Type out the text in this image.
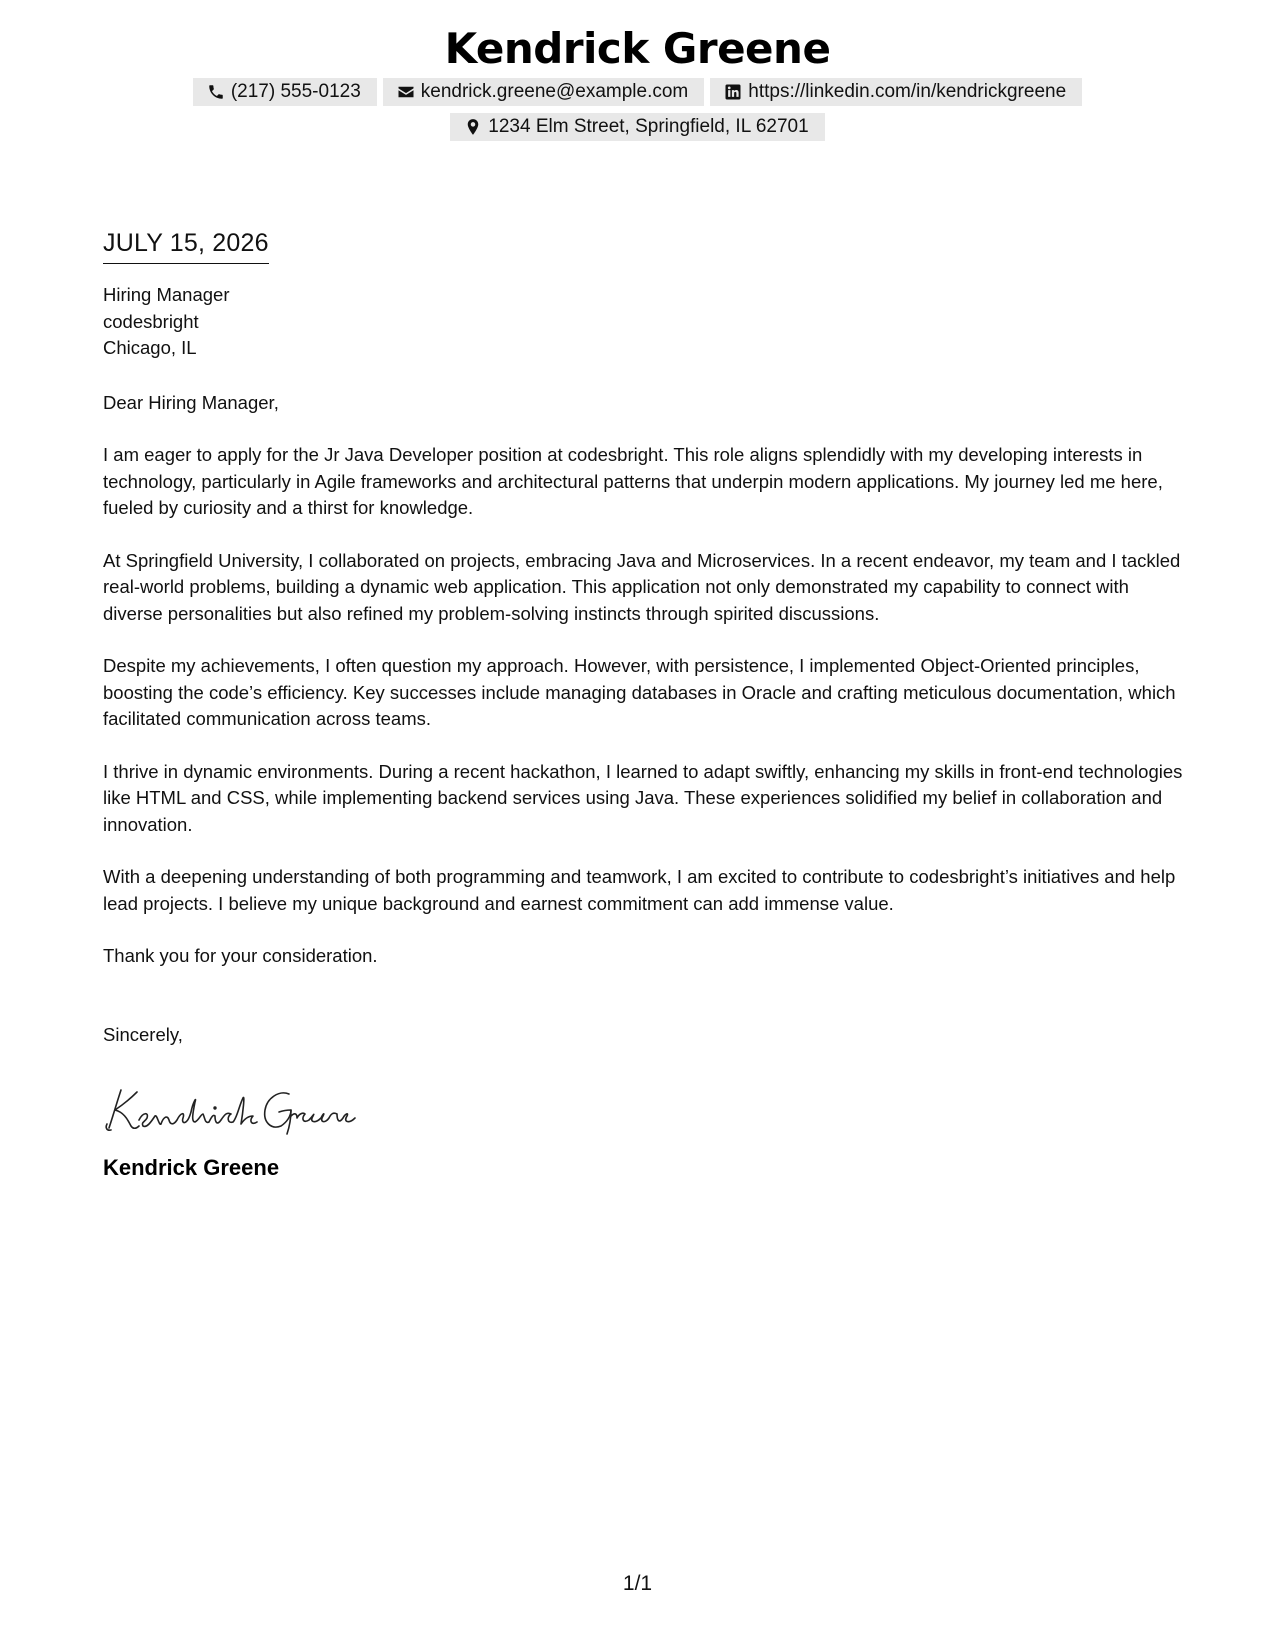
Kendrick Greene
(217) 555-0123	kendrick.greene@example.com	https://linkedin.com/in/kendrickgreene
1234 Elm Street, Springfield, IL 62701
JULY 15, 2026
Hiring Manager
codesbright
Chicago, IL

Dear Hiring Manager,

I am eager to apply for the Jr Java Developer position at codesbright. This role aligns splendidly with my developing interests in technology, particularly in Agile frameworks and architectural patterns that underpin modern applications. My journey led me here, fueled by curiosity and a thirst for knowledge.

At Springfield University, I collaborated on projects, embracing Java and Microservices. In a recent endeavor, my team and I tackled real-world problems, building a dynamic web application. This application not only demonstrated my capability to connect with diverse personalities but also refined my problem-solving instincts through spirited discussions.

Despite my achievements, I often question my approach. However, with persistence, I implemented Object-Oriented principles, boosting the code’s efficiency. Key successes include managing databases in Oracle and crafting meticulous documentation, which facilitated communication across teams.

I thrive in dynamic environments. During a recent hackathon, I learned to adapt swiftly, enhancing my skills in front-end technologies like HTML and CSS, while implementing backend services using Java. These experiences solidified my belief in collaboration and innovation.

With a deepening understanding of both programming and teamwork, I am excited to contribute to codesbright’s initiatives and help lead projects. I believe my unique background and earnest commitment can add immense value.

Thank you for your consideration.

Sincerely,

Kendrick Greene
1/1
